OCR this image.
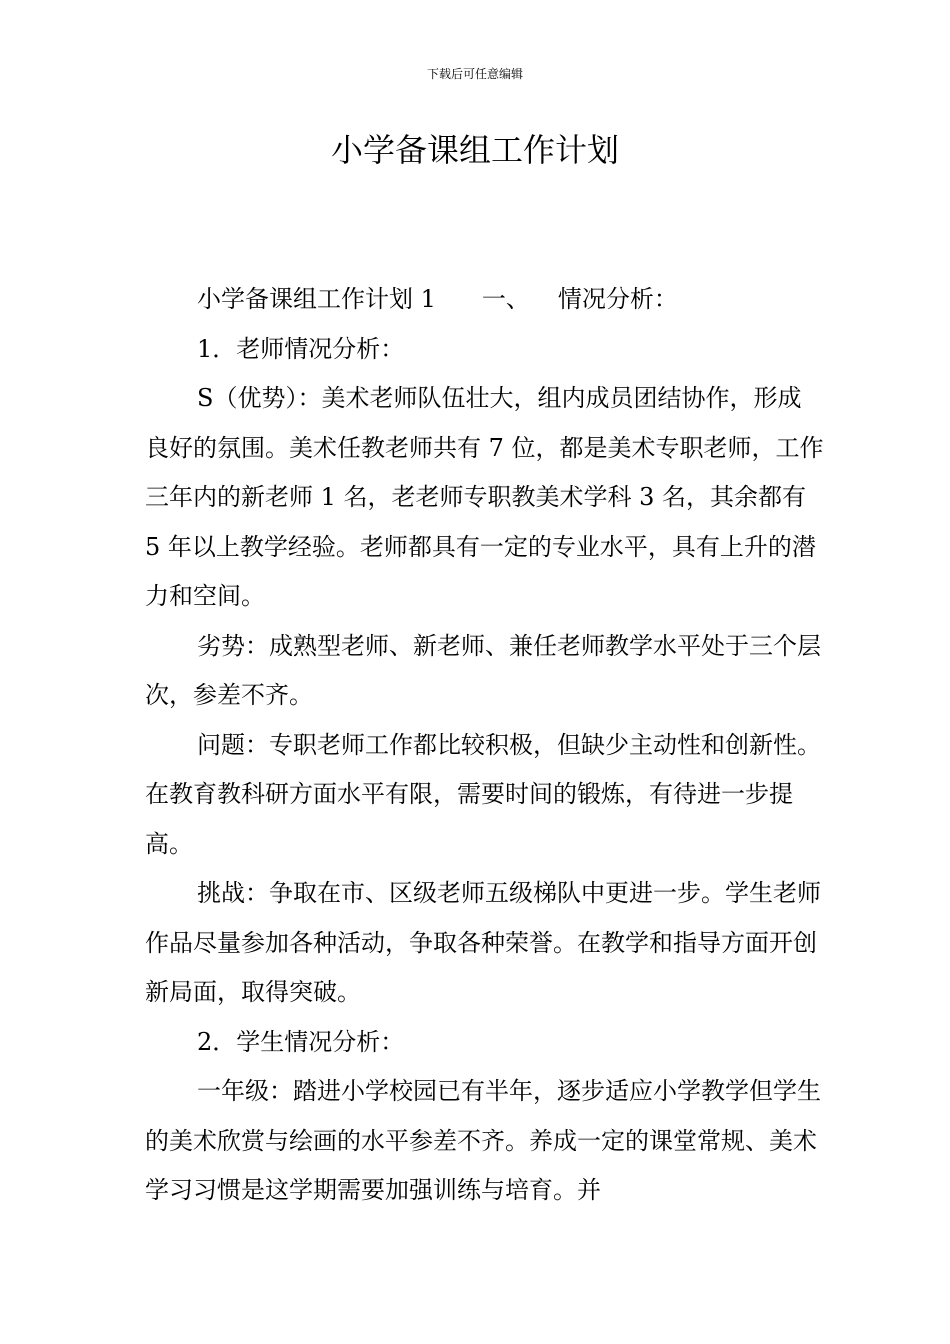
下载后可任意编辑
小学备课组工作计划

小学备课组工作计划 1 一、 情况分析：

1．老师情况分析：

S（优势）：美术老师队伍壮大，组内成员团结协作，形成良好的氛围。美术任教老师共有 7 位，都是美术专职老师，工作三年内的新老师 1 名，老老师专职教美术学科 3 名，其余都有 5 年以上教学经验。老师都具有一定的专业水平，具有上升的潜力和空间。

劣势：成熟型老师、新老师、兼任老师教学水平处于三个层次，参差不齐。

问题：专职老师工作都比较积极，但缺少主动性和创新性。在教育教科研方面水平有限，需要时间的锻炼，有待进一步提高。

挑战：争取在市、区级老师五级梯队中更进一步。学生老师作品尽量参加各种活动，争取各种荣誉。在教学和指导方面开创新局面，取得突破。

2．学生情况分析：

一年级：踏进小学校园已有半年，逐步适应小学教学但学生的美术欣赏与绘画的水平参差不齐。养成一定的课堂常规、美术学习习惯是这学期需要加强训练与培育。并
